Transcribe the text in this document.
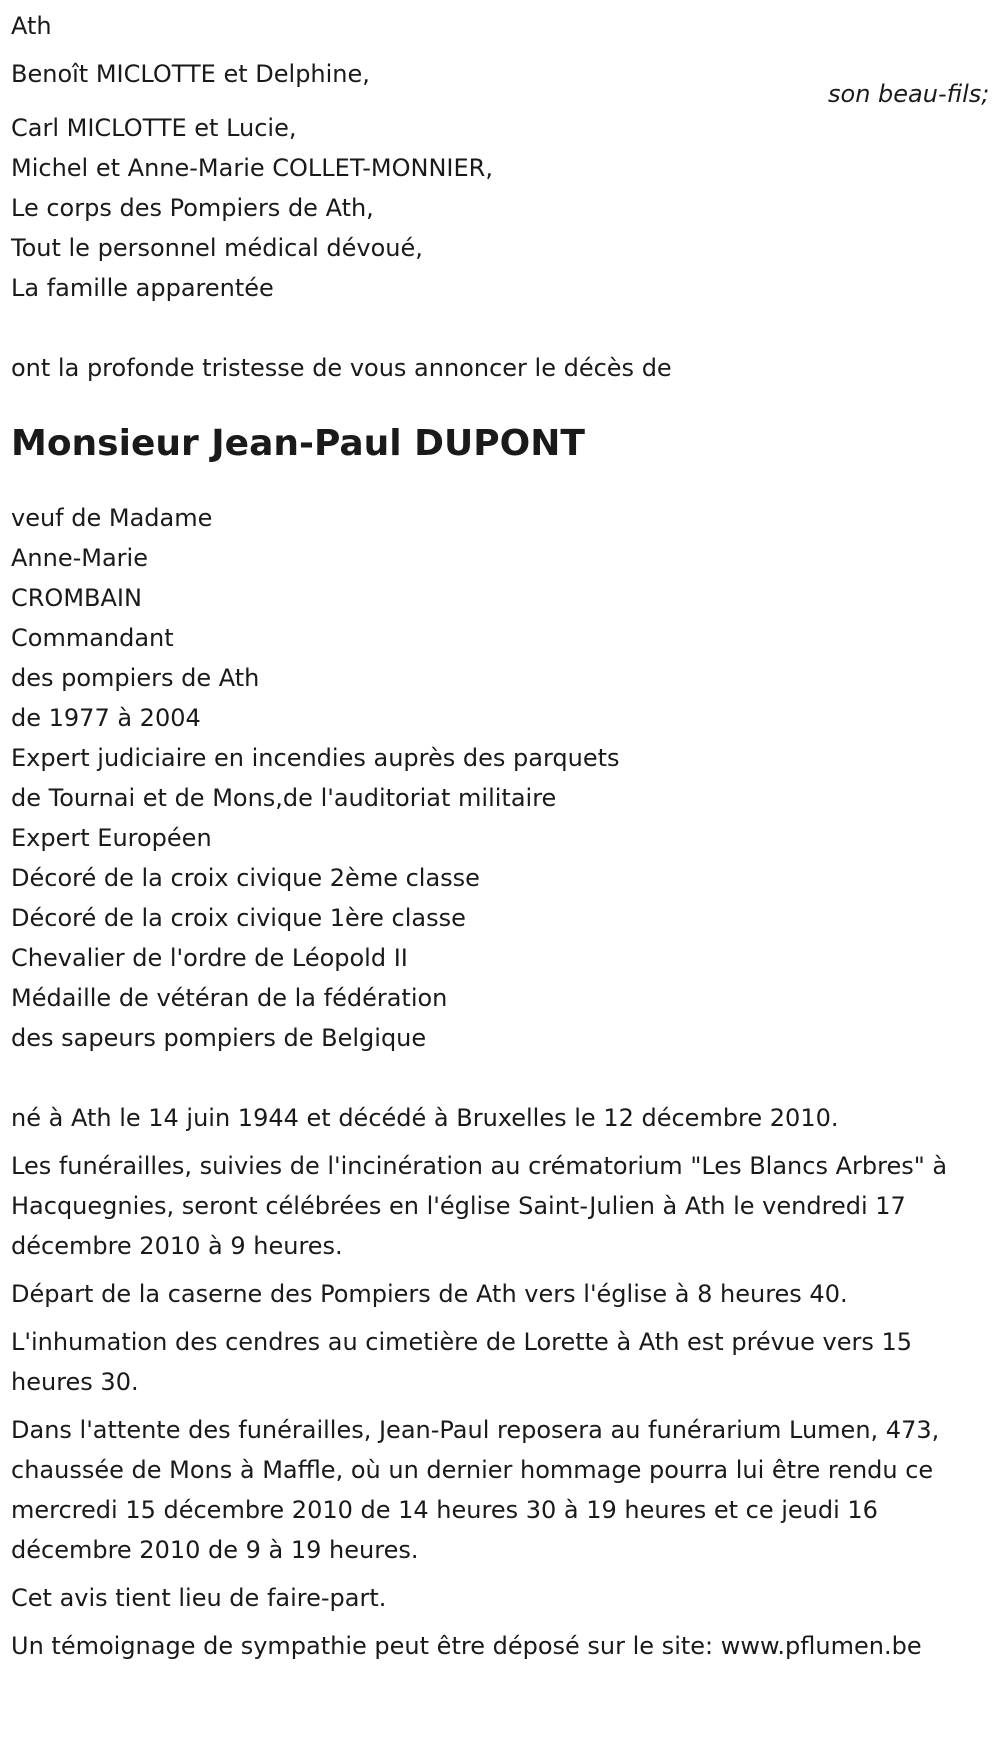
Ath
Benoît MICLOTTE et Delphine,
son beau-fils;
Carl MICLOTTE et Lucie,
Michel et Anne-Marie COLLET-MONNIER,
Le corps des Pompiers de Ath,
Tout le personnel médical dévoué,
La famille apparentée
ont la profonde tristesse de vous annoncer le décès de
Monsieur Jean-Paul DUPONT
veuf de Madame
Anne-Marie
CROMBAIN
Commandant
des pompiers de Ath
de 1977 à 2004
Expert judiciaire en incendies auprès des parquets
de Tournai et de Mons,de l'auditoriat militaire
Expert Européen
Décoré de la croix civique 2ème classe
Décoré de la croix civique 1ère classe
Chevalier de l'ordre de Léopold II
Médaille de vétéran de la fédération
des sapeurs pompiers de Belgique
né à Ath le 14 juin 1944 et décédé à Bruxelles le 12 décembre 2010.
Les funérailles, suivies de l'incinération au crématorium "Les Blancs Arbres" à Hacquegnies, seront célébrées en l'église Saint-Julien à Ath le vendredi 17 décembre 2010 à 9 heures.
Départ de la caserne des Pompiers de Ath vers l'église à 8 heures 40.
L'inhumation des cendres au cimetière de Lorette à Ath est prévue vers 15 heures 30.
Dans l'attente des funérailles, Jean-Paul reposera au funérarium Lumen, 473, chaussée de Mons à Maffle, où un dernier hommage pourra lui être rendu ce mercredi 15 décembre 2010 de 14 heures 30 à 19 heures et ce jeudi 16 décembre 2010 de 9 à 19 heures.
Cet avis tient lieu de faire-part.
Un témoignage de sympathie peut être déposé sur le site: www.pflumen.be
